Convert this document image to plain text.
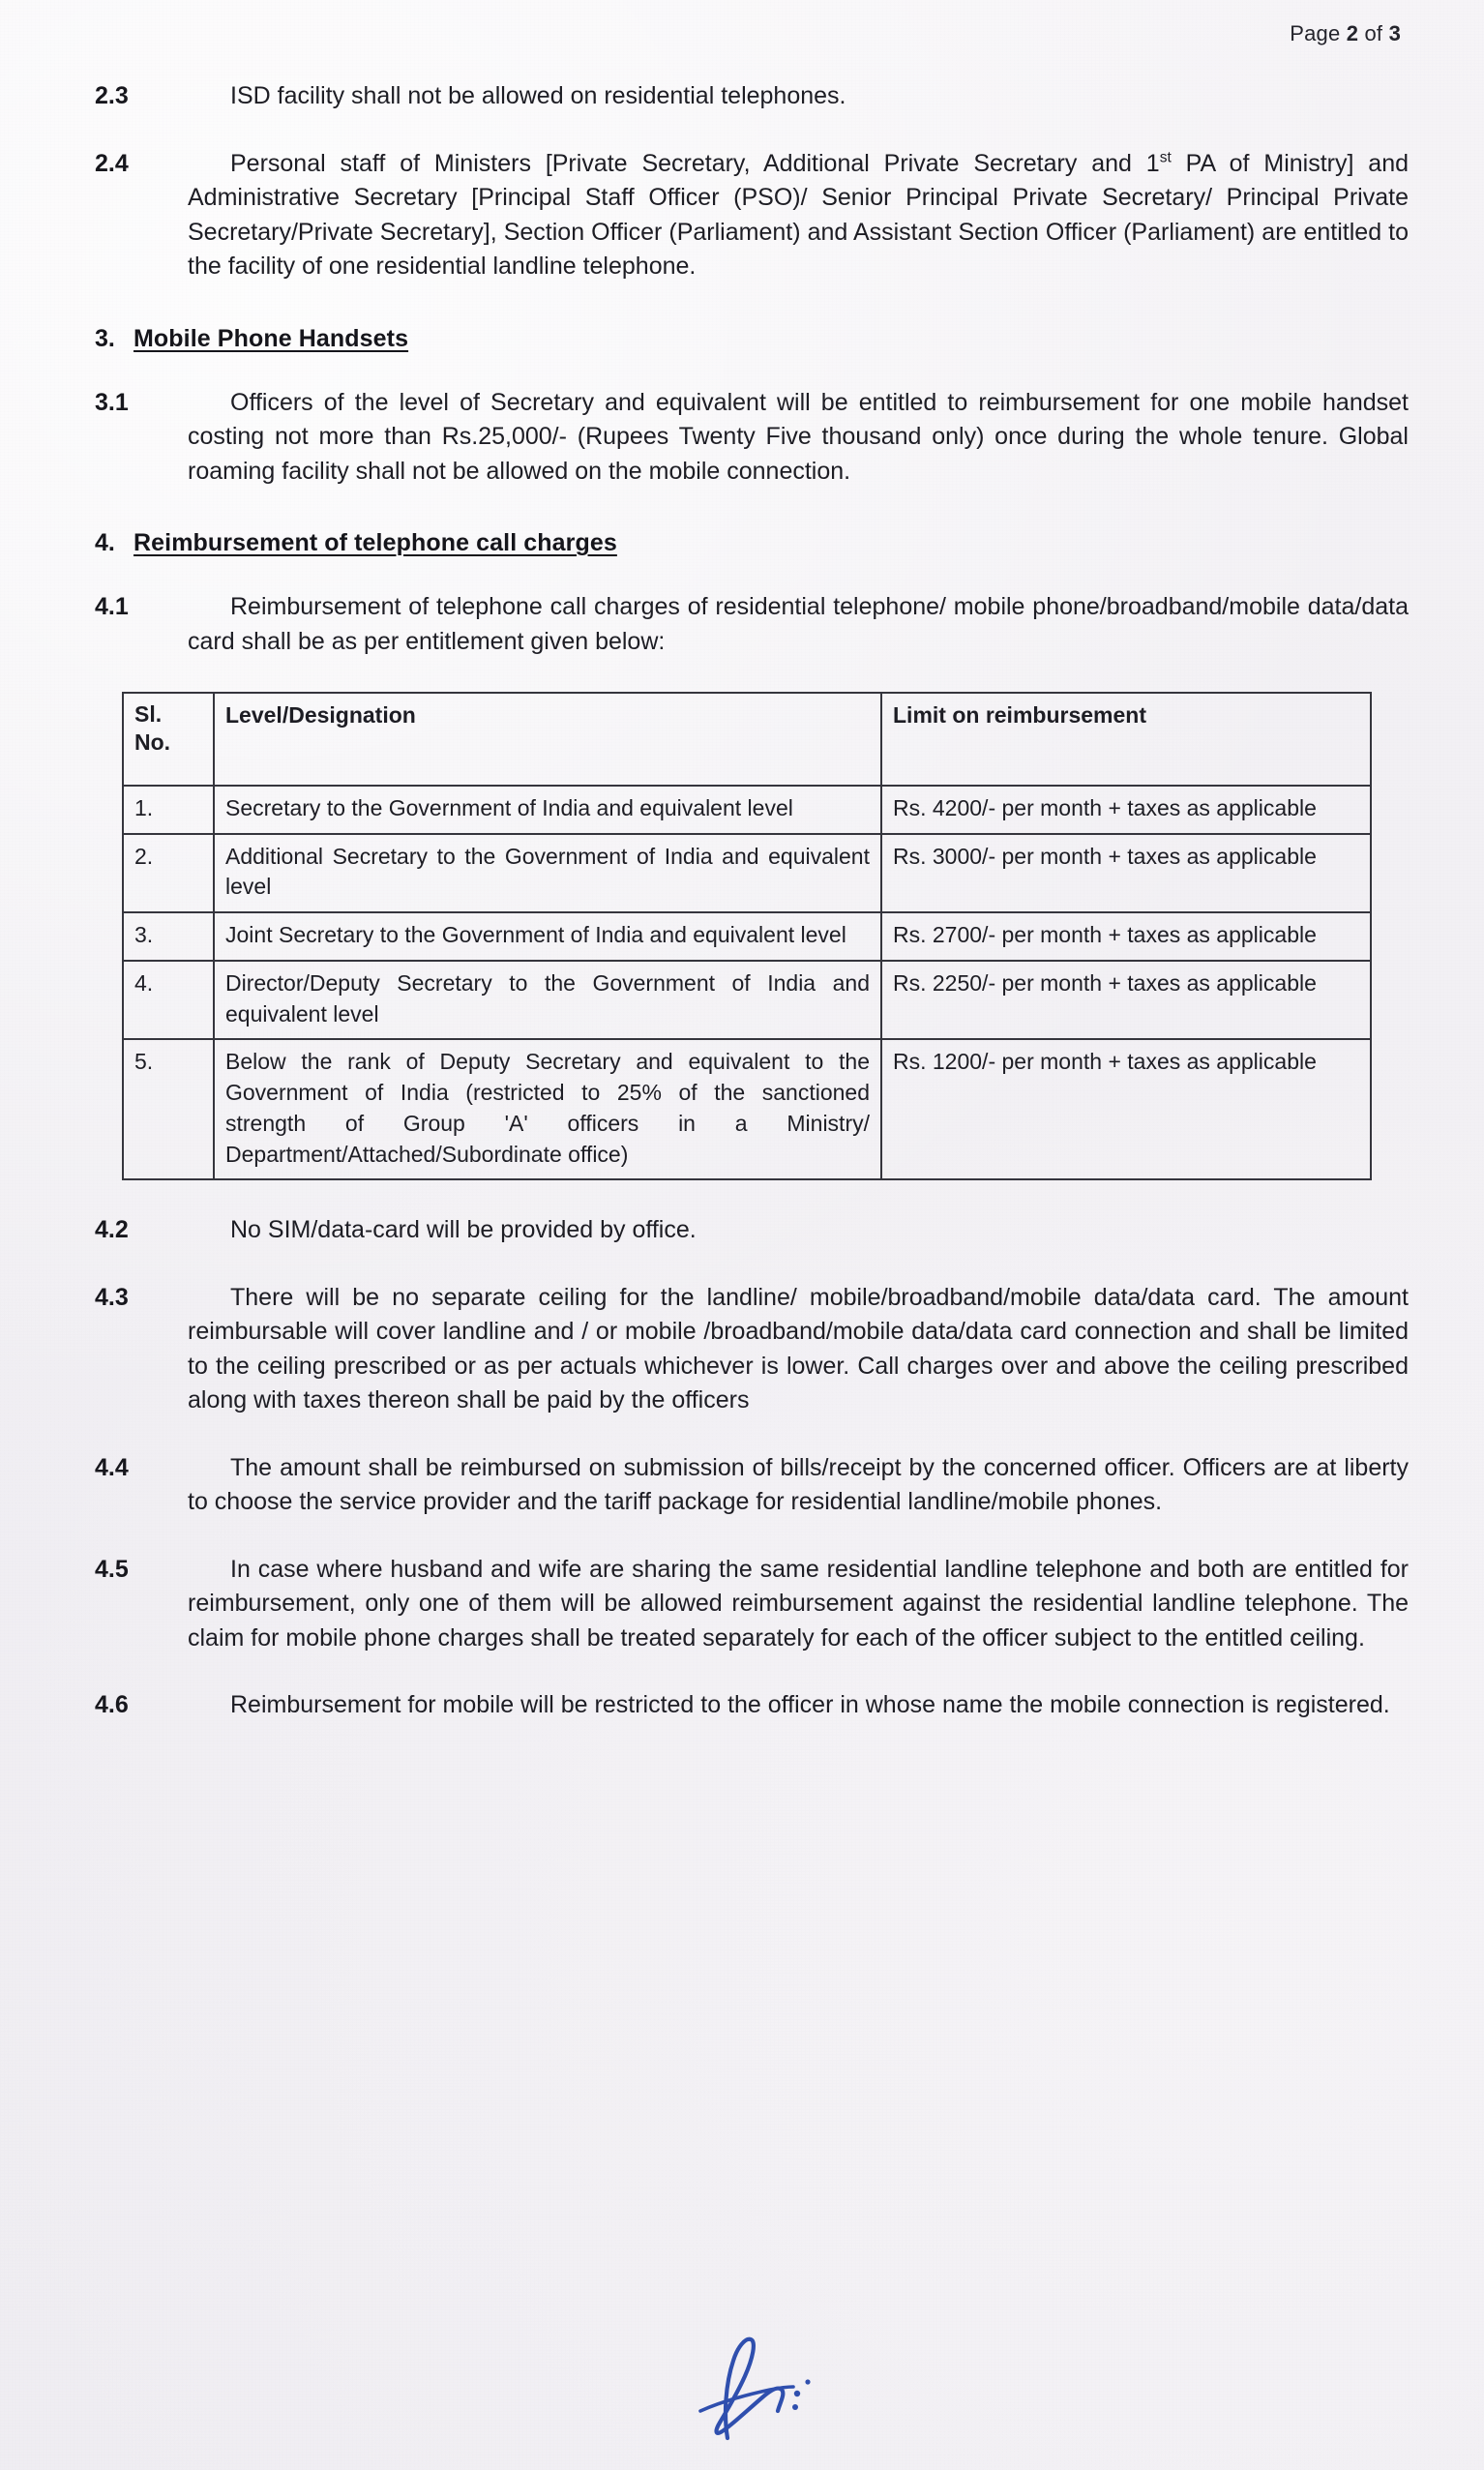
Page 2 of 3
2.3	ISD facility shall not be allowed on residential telephones.
2.4	Personal staff of Ministers [Private Secretary, Additional Private Secretary and 1st PA of Ministry] and Administrative Secretary [Principal Staff Officer (PSO)/ Senior Principal Private Secretary/ Principal Private Secretary/Private Secretary], Section Officer (Parliament) and Assistant Section Officer (Parliament) are entitled to the facility of one residential landline telephone.
3. Mobile Phone Handsets
3.1	Officers of the level of Secretary and equivalent will be entitled to reimbursement for one mobile handset costing not more than Rs.25,000/- (Rupees Twenty Five thousand only) once during the whole tenure. Global roaming facility shall not be allowed on the mobile connection.
4. Reimbursement of telephone call charges
4.1	Reimbursement of telephone call charges of residential telephone/ mobile phone/broadband/mobile data/data card shall be as per entitlement given below:
Sl.
No.	Level/Designation	Limit on reimbursement
1.	Secretary to the Government of India and equivalent level	Rs. 4200/- per month + taxes as applicable
2.	Additional Secretary to the Government of India and equivalent level	Rs. 3000/- per month + taxes as applicable
3.	Joint Secretary to the Government of India and equivalent level	Rs. 2700/- per month + taxes as applicable
4.	Director/Deputy Secretary to the Government of India and equivalent level	Rs. 2250/- per month + taxes as applicable
5.	Below the rank of Deputy Secretary and equivalent to the Government of India (restricted to 25% of the sanctioned strength of Group 'A' officers in a Ministry/ Department/Attached/Subordinate office)	Rs. 1200/- per month + taxes as applicable
4.2	No SIM/data-card will be provided by office.
4.3	There will be no separate ceiling for the landline/ mobile/broadband/mobile data/data card. The amount reimbursable will cover landline and / or mobile /broadband/mobile data/data card connection and shall be limited to the ceiling prescribed or as per actuals whichever is lower. Call charges over and above the ceiling prescribed along with taxes thereon shall be paid by the officers
4.4	The amount shall be reimbursed on submission of bills/receipt by the concerned officer. Officers are at liberty to choose the service provider and the tariff package for residential landline/mobile phones.
4.5	In case where husband and wife are sharing the same residential landline telephone and both are entitled for reimbursement, only one of them will be allowed reimbursement against the residential landline telephone. The claim for mobile phone charges shall be treated separately for each of the officer subject to the entitled ceiling.
4.6	Reimbursement for mobile will be restricted to the officer in whose name the mobile connection is registered.
